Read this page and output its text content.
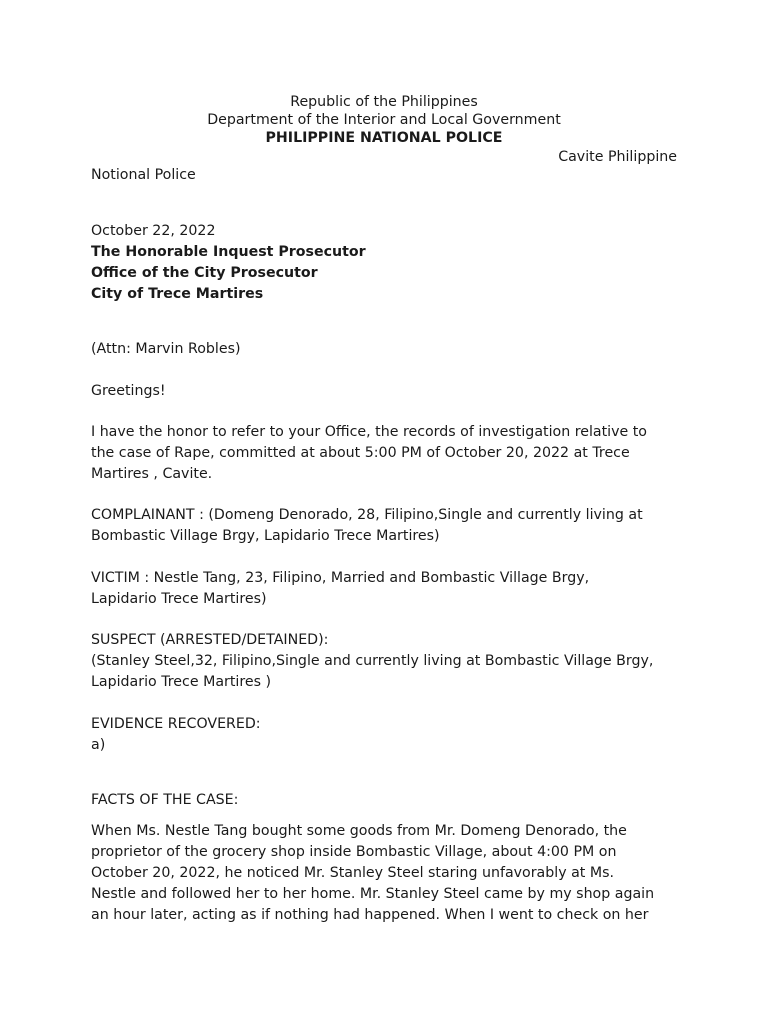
Republic of the Philippines

Department of the Interior and Local Government

PHILIPPINE NATIONAL POLICE

Cavite Philippine

Notional Police

October 22, 2022

The Honorable Inquest Prosecutor

Office of the City Prosecutor

City of Trece Martires

(Attn: Marvin Robles)

Greetings!

I have the honor to refer to your Office, the records of investigation relative to

the case of Rape, committed at about 5:00 PM of October 20, 2022 at Trece

Martires , Cavite.

COMPLAINANT : (Domeng Denorado, 28, Filipino,Single and currently living at

Bombastic Village Brgy, Lapidario Trece Martires)

VICTIM : Nestle Tang, 23, Filipino, Married and Bombastic Village Brgy,

Lapidario Trece Martires)

SUSPECT (ARRESTED/DETAINED):

(Stanley Steel,32, Filipino,Single and currently living at Bombastic Village Brgy,

Lapidario Trece Martires )

EVIDENCE RECOVERED:

a)

FACTS OF THE CASE:

When Ms. Nestle Tang bought some goods from Mr. Domeng Denorado, the

proprietor of the grocery shop inside Bombastic Village, about 4:00 PM on

October 20, 2022, he noticed Mr. Stanley Steel staring unfavorably at Ms.

Nestle and followed her to her home. Mr. Stanley Steel came by my shop again

an hour later, acting as if nothing had happened. When I went to check on her
